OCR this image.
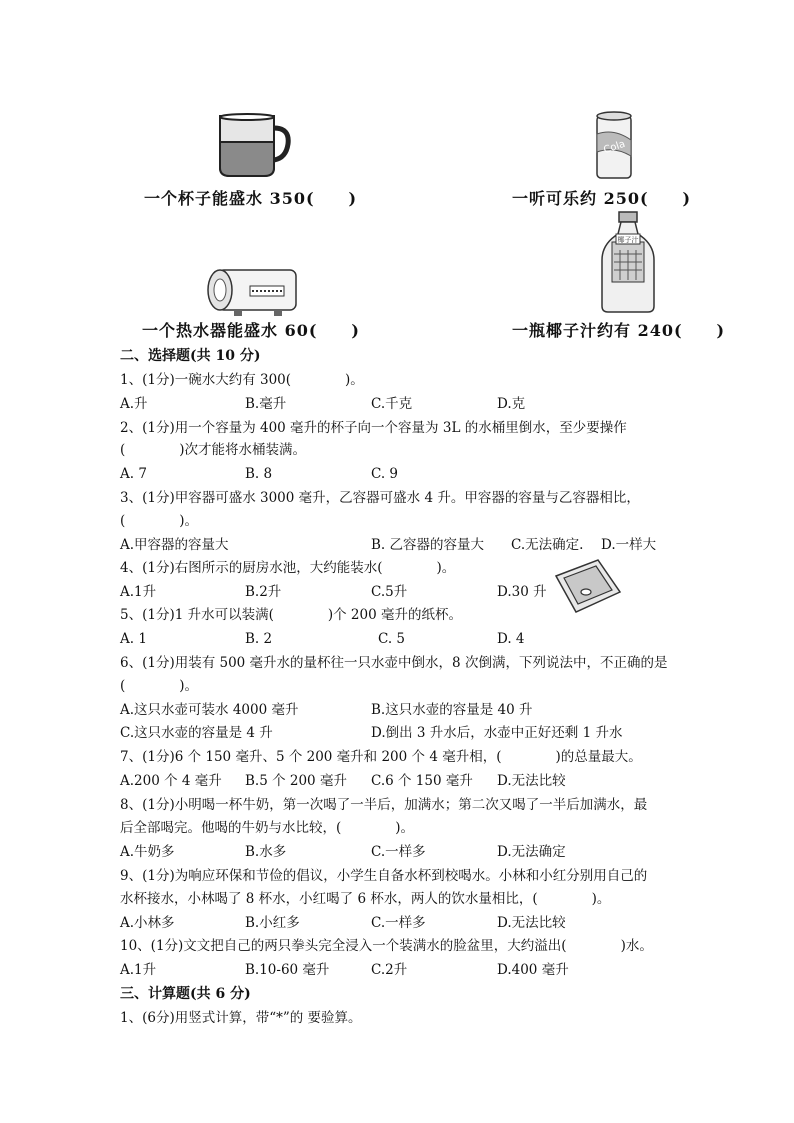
一个杯子能盛水 350(　　)
Cola
一听可乐约 250(　　)
一个热水器能盛水 60(　　)
椰子汁
一瓶椰子汁约有 240(　　)
二、选择题(共 10 分)
1、(1分)一碗水大约有 300(　　　　)。
A.升	B.毫升	C.千克	D.克
2、(1分)用一个容量为 400 毫升的杯子向一个容量为 3L 的水桶里倒水，至少要操作
(　　　　)次才能将水桶装满。
A. 7	B. 8	C. 9
3、(1分)甲容器可盛水 3000 毫升，乙容器可盛水 4 升。甲容器的容量与乙容器相比，
(　　　　)。
A.甲容器的容量大	B. 乙容器的容量大 C.无法确定. D.一样大
4、(1分)右图所示的厨房水池，大约能装水(　　　　)。
A.1升	B.2升	C.5升	D.30 升
5、(1分)1 升水可以装满(　　　　)个 200 毫升的纸杯。
A. 1	B. 2	C. 5	D. 4
6、(1分)用装有 500 毫升水的量杯往一只水壶中倒水，8 次倒满，下列说法中，不正确的是
(　　　　)。
A.这只水壶可装水 4000 毫升	B.这只水壶的容量是 40 升
C.这只水壶的容量是 4 升	D.倒出 3 升水后，水壶中正好还剩 1 升水
7、(1分)6 个 150 毫升、5 个 200 毫升和 200 个 4 毫升相，(　　　　)的总量最大。
A.200 个 4 毫升 B.5 个 200 毫升 C.6 个 150 毫升 D.无法比较
8、(1分)小明喝一杯牛奶，第一次喝了一半后，加满水；第二次又喝了一半后加满水，最
后全部喝完。他喝的牛奶与水比较，(　　　　)。
A.牛奶多	B.水多	C.一样多	D.无法确定
9、(1分)为响应环保和节俭的倡议，小学生自备水杯到校喝水。小林和小红分别用自己的
水杯接水，小林喝了 8 杯水，小红喝了 6 杯水，两人的饮水量相比，(　　　　)。
A.小林多	B.小红多	C.一样多	D.无法比较
10、(1分)文文把自己的两只拳头完全浸入一个装满水的脸盆里，大约溢出(　　　　)水。
A.1升	B.10-60 毫升	C.2升	D.400 毫升
三、计算题(共 6 分)
1、(6分)用竖式计算，带“*”的 要验算。
